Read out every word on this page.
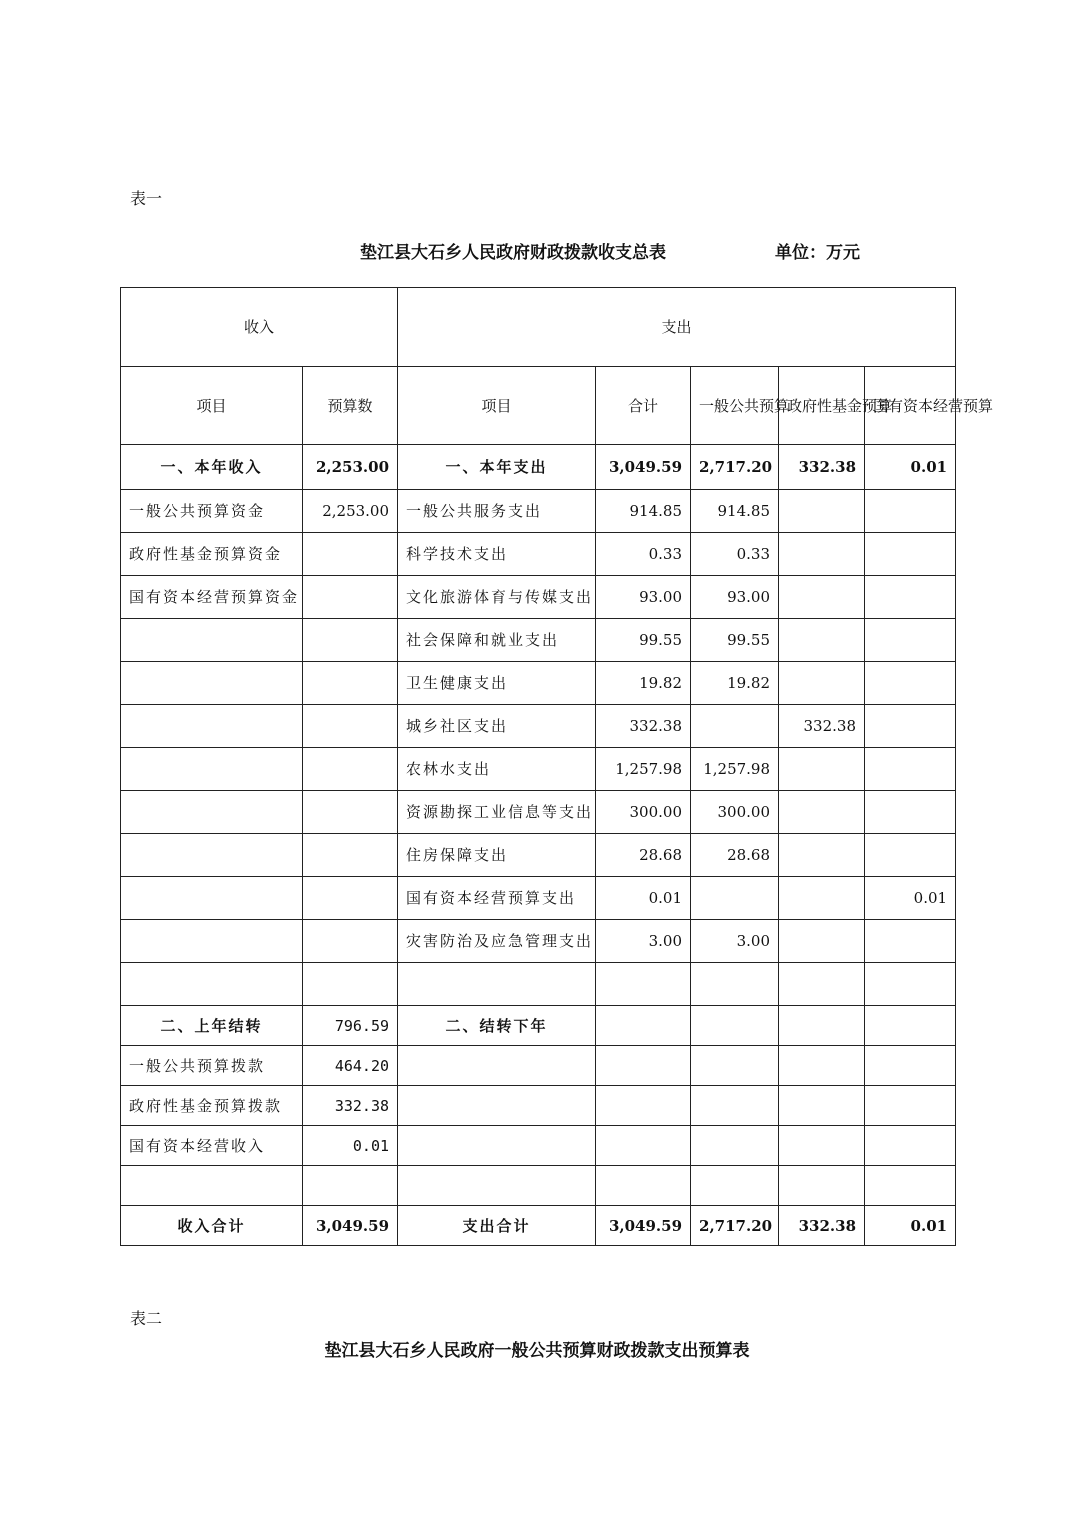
表一
垫江县大石乡人民政府财政拨款收支总表	单位：万元
收入		支出				
项目	预算数	项目	合计	一般公共预算	政府性基金预算	国有资本经营预算
一、本年收入	2,253.00	一、本年支出	3,049.59	2,717.20	332.38	0.01
一般公共预算资金	2,253.00	一般公共服务支出	914.85	914.85		
政府性基金预算资金		科学技术支出	0.33	0.33		
国有资本经营预算资金		文化旅游体育与传媒支出	93.00	93.00		
		社会保障和就业支出	99.55	99.55		
		卫生健康支出	19.82	19.82		
		城乡社区支出	332.38		332.38	
		农林水支出	1,257.98	1,257.98		
		资源勘探工业信息等支出	300.00	300.00		
		住房保障支出	28.68	28.68		
		国有资本经营预算支出	0.01			0.01
		灾害防治及应急管理支出	3.00	3.00		

二、上年结转	796.59	二、结转下年				
一般公共预算拨款	464.20					
政府性基金预算拨款	332.38					
国有资本经营收入	0.01					

收入合计	3,049.59	支出合计	3,049.59	2,717.20	332.38	0.01
表二
垫江县大石乡人民政府一般公共预算财政拨款支出预算表
